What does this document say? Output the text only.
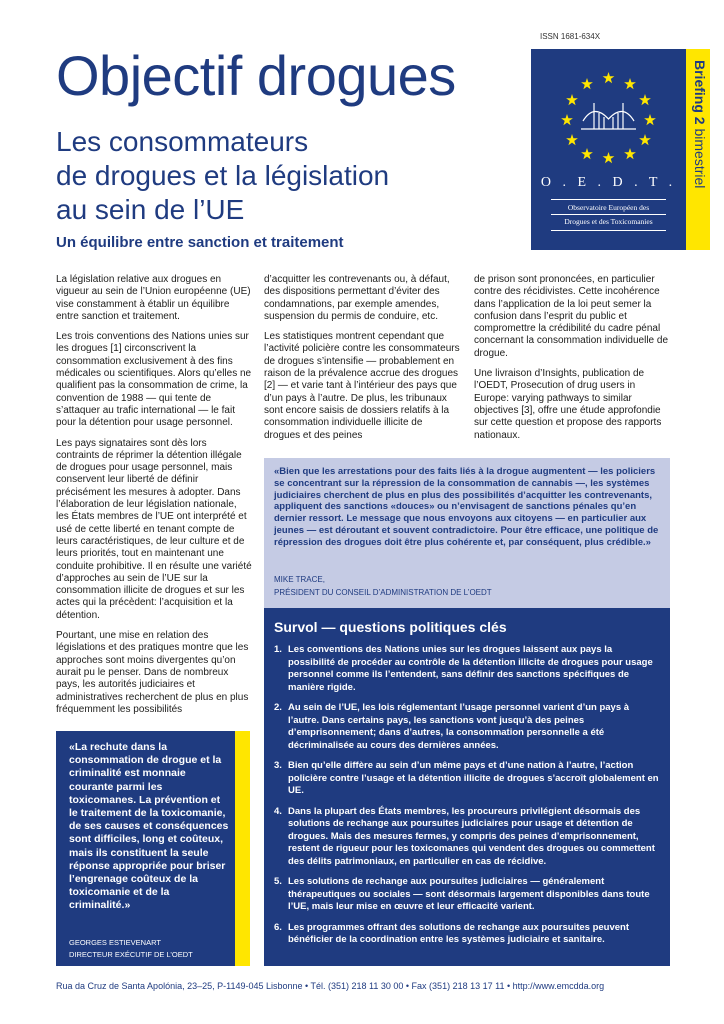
ISSN 1681-634X
Objectif drogues
Les consommateurs
de drogues et la législation
au sein de l’UE
Un équilibre entre sanction et traitement
O . E . D . T .
Observatoire Européen des
Drogues et des Toxicomanies
Briefing 2 bimestriel

La législation relative aux drogues en vigueur au sein de l’Union européenne (UE) vise constamment à établir un équilibre entre sanction et traitement.

Les trois conventions des Nations unies sur les drogues [1] circonscrivent la consommation exclusivement à des fins médicales ou scientifiques. Alors qu’elles ne qualifient pas la consommation de crime, la convention de 1988 — qui tente de s’attaquer au trafic international — le fait pour la détention pour usage personnel.

Les pays signataires sont dès lors contraints de réprimer la détention illégale de drogues pour usage personnel, mais conservent leur liberté de définir précisément les mesures à adopter. Dans l’élaboration de leur législation nationale, les États membres de l’UE ont interprété et usé de cette liberté en tenant compte de leurs caractéristiques, de leur culture et de leurs priorités, tout en maintenant une conduite prohibitive. Il en résulte une variété d’approches au sein de l’UE sur la consommation illicite de drogues et sur les actes qui la précèdent: l’acquisition et la détention.

Pourtant, une mise en relation des législations et des pratiques montre que les approches sont moins divergentes qu’on aurait pu le penser. Dans de nombreux pays, les autorités judiciaires et administratives recherchent de plus en plus fréquemment les possibilités

d’acquitter les contrevenants ou, à défaut, des dispositions permettant d’éviter des condamnations, par exemple amendes, suspension du permis de conduire, etc.

Les statistiques montrent cependant que l’activité policière contre les consommateurs de drogues s’intensifie — probablement en raison de la prévalence accrue des drogues [2] — et varie tant à l’intérieur des pays que d’un pays à l’autre. De plus, les tribunaux sont encore saisis de dossiers relatifs à la consommation individuelle illicite de drogues et des peines

de prison sont prononcées, en particulier contre des récidivistes. Cette incohérence dans l’application de la loi peut semer la confusion dans l’esprit du public et compromettre la crédibilité du cadre pénal concernant la consommation individuelle de drogue.

Une livraison d’Insights, publication de l’OEDT, Prosecution of drug users in Europe: varying pathways to similar objectives [3], offre une étude approfondie sur cette question et propose des rapports nationaux.

«Bien que les arrestations pour des faits liés à la drogue augmentent — les policiers se concentrant sur la répression de la consommation de cannabis —, les systèmes judiciaires cherchent de plus en plus des possibilités d’acquitter les contrevenants, appliquent des sanctions «douces» ou n’envisagent de sanctions pénales qu’en dernier ressort. Le message que nous envoyons aux citoyens — en particulier aux jeunes — est déroutant et souvent contradictoire. Pour être efficace, une politique de répression des drogues doit être plus cohérente et, par conséquent, plus crédible.»
MIKE TRACE,
PRÉSIDENT DU CONSEIL D’ADMINISTRATION DE L’OEDT
Survol — questions politiques clés
1. Les conventions des Nations unies sur les drogues laissent aux pays la possibilité de procéder au contrôle de la détention illicite de drogues pour usage personnel comme ils l’entendent, sans définir des sanctions spécifiques de manière rigide.
2. Au sein de l’UE, les lois réglementant l’usage personnel varient d’un pays à l’autre. Dans certains pays, les sanctions vont jusqu’à des peines d’emprisonnement; dans d’autres, la consommation personnelle a été décriminalisée au cours des dernières années.
3. Bien qu’elle diffère au sein d’un même pays et d’une nation à l’autre, l’action policière contre l’usage et la détention illicite de drogues s’accroît globalement en UE.
4. Dans la plupart des États membres, les procureurs privilégient désormais des solutions de rechange aux poursuites judiciaires pour usage et détention de drogues. Mais des mesures fermes, y compris des peines d’emprisonnement, restent de rigueur pour les toxicomanes qui vendent des drogues ou commettent des délits patrimoniaux, en particulier en cas de récidive.
5. Les solutions de rechange aux poursuites judiciaires — généralement thérapeutiques ou sociales — sont désormais largement disponibles dans toute l’UE, mais leur mise en œuvre et leur efficacité varient.
6. Les programmes offrant des solutions de rechange aux poursuites peuvent bénéficier de la coordination entre les systèmes judiciaire et sanitaire.
«La rechute dans la consommation de drogue et la criminalité est monnaie courante parmi les toxicomanes. La prévention et le traitement de la toxicomanie, de ses causes et conséquences sont difficiles, long et coûteux, mais ils constituent la seule réponse appropriée pour briser l’engrenage coûteux de la toxicomanie et de la criminalité.»
GEORGES ESTIEVENART
DIRECTEUR EXÉCUTIF DE L’OEDT
Rua da Cruz de Santa Apolónia, 23–25, P-1149-045 Lisbonne • Tél. (351) 218 11 30 00 • Fax (351) 218 13 17 11 • http://www.emcdda.org
